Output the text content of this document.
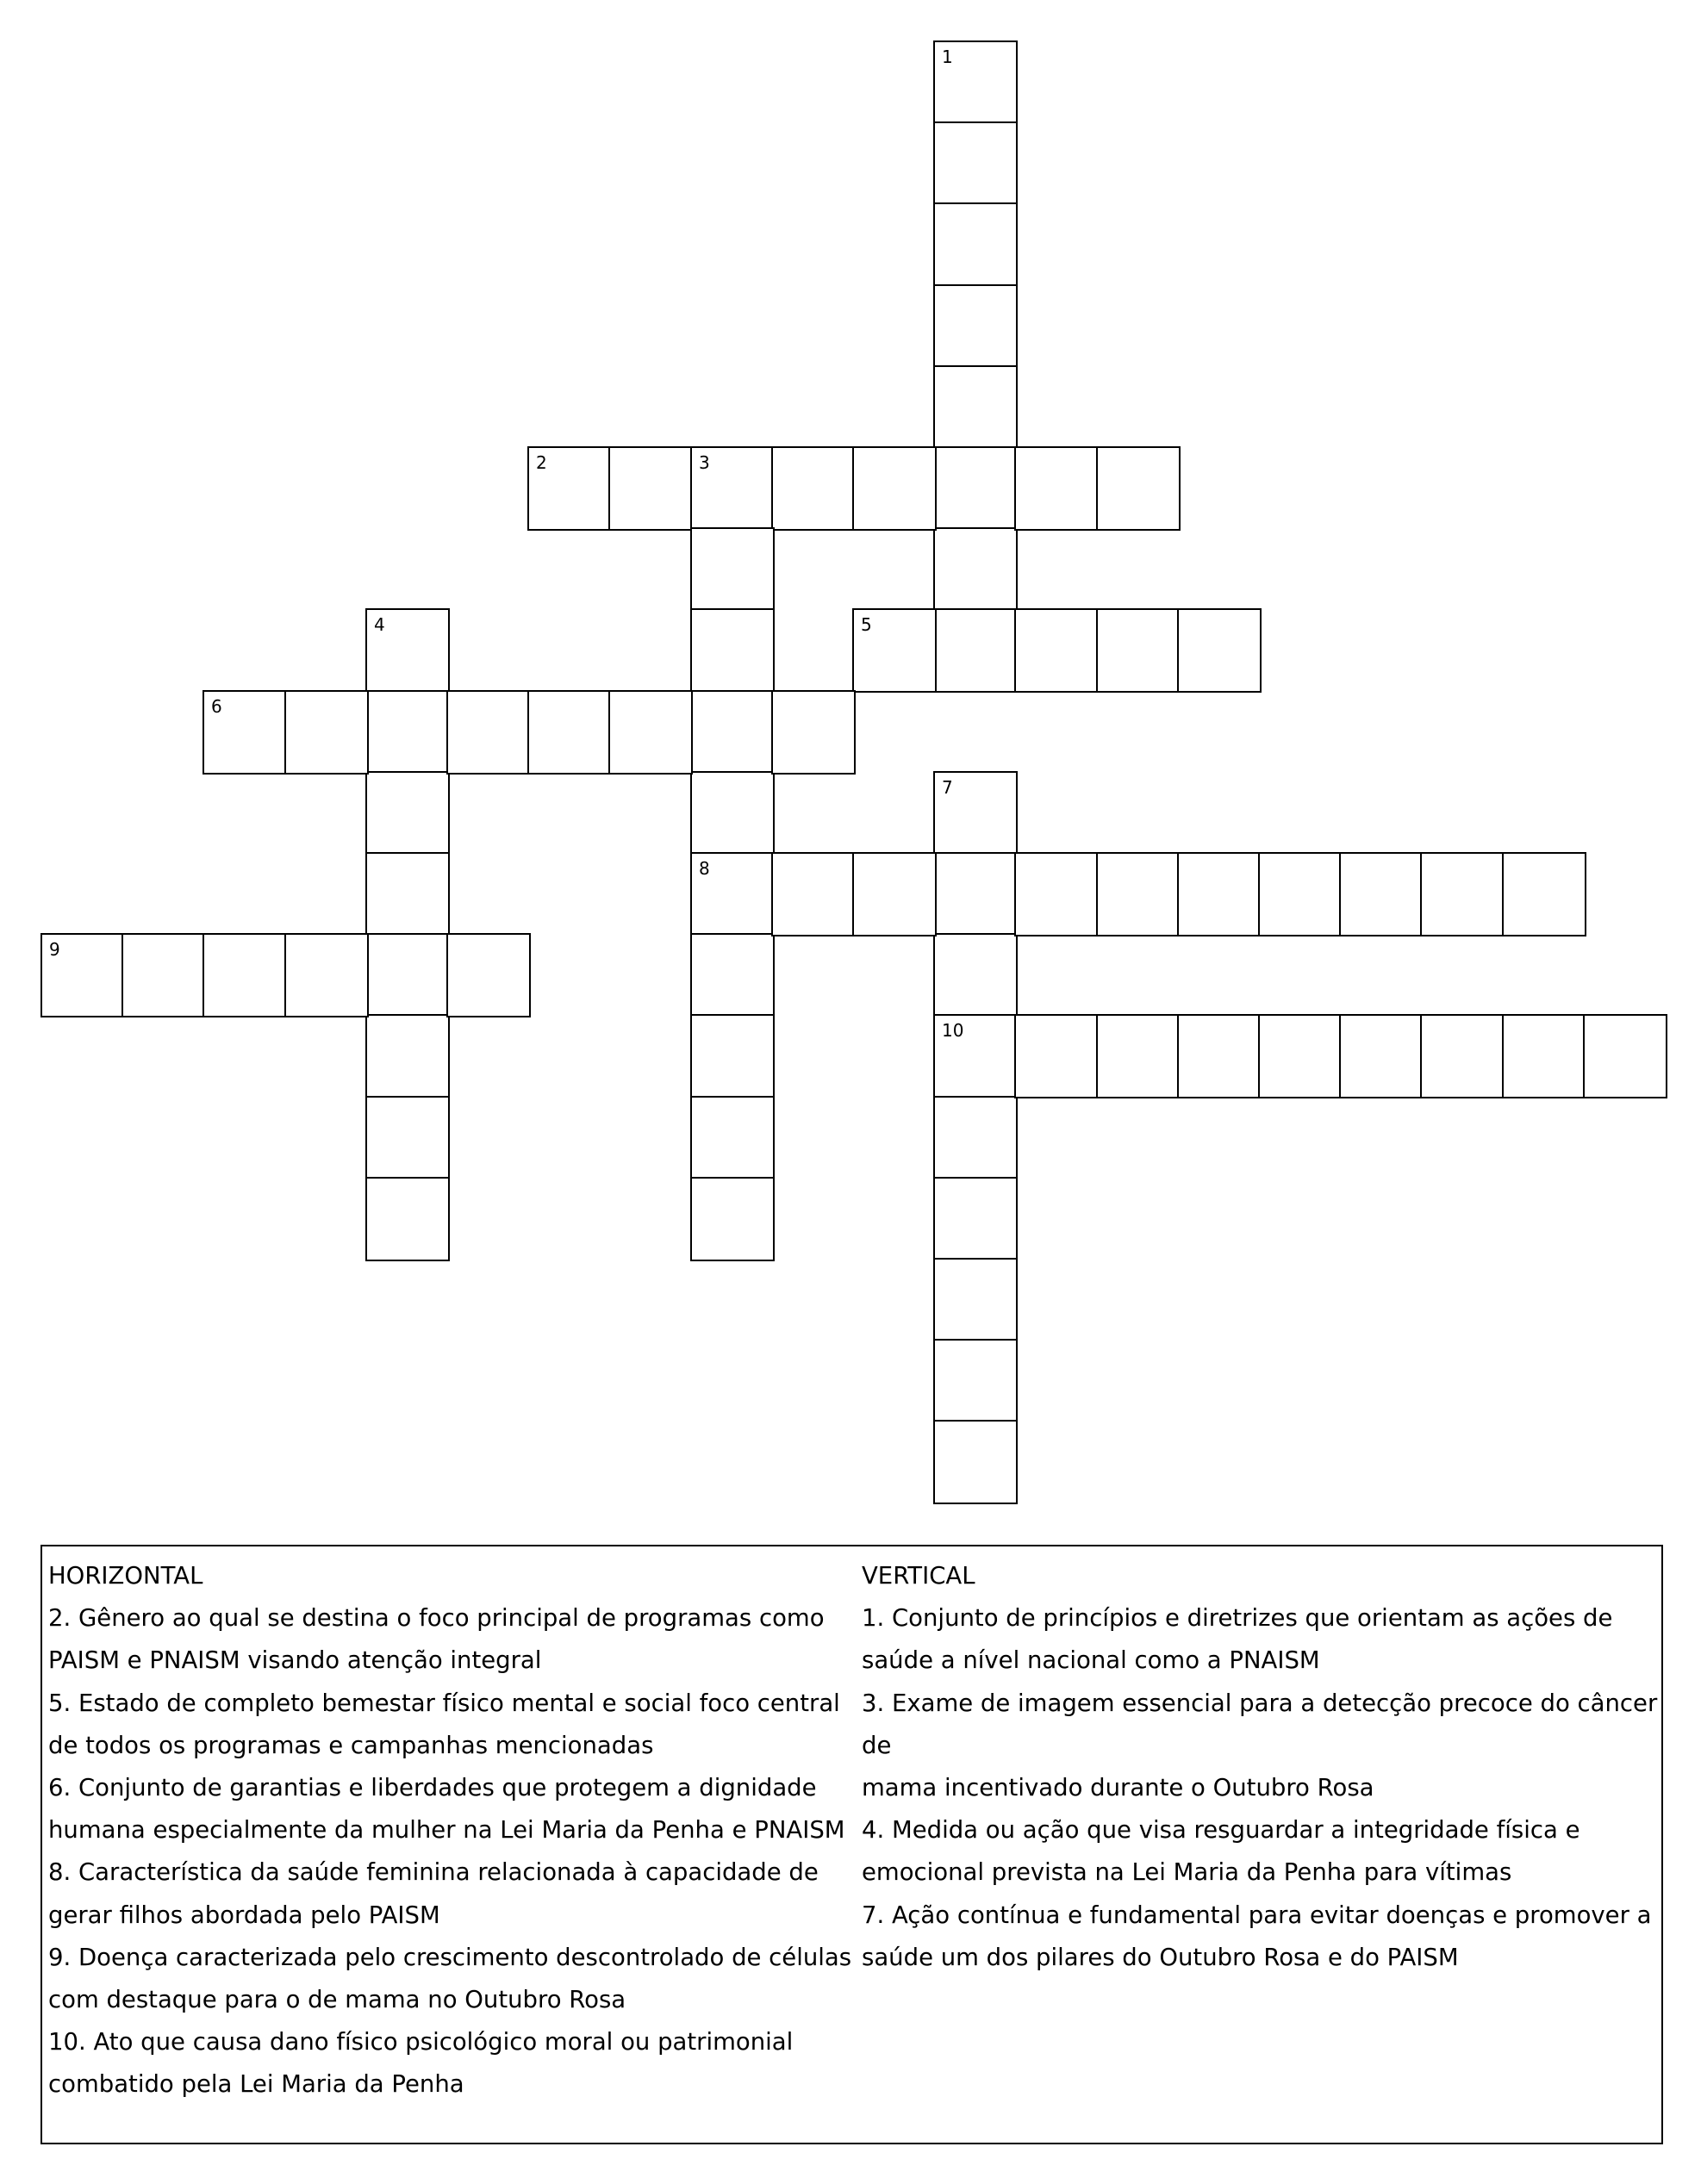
1
2	3
8
4	5
6
7
10
9
HORIZONTAL
2. Gênero ao qual se destina o foco principal de programas como
PAISM e PNAISM visando atenção integral
5. Estado de completo bemestar físico mental e social foco central
de todos os programas e campanhas mencionadas
6. Conjunto de garantias e liberdades que protegem a dignidade
humana especialmente da mulher na Lei Maria da Penha e PNAISM
8. Característica da saúde feminina relacionada à capacidade de
gerar filhos abordada pelo PAISM
9. Doença caracterizada pelo crescimento descontrolado de células
com destaque para o de mama no Outubro Rosa
10. Ato que causa dano físico psicológico moral ou patrimonial
combatido pela Lei Maria da Penha
VERTICAL
1. Conjunto de princípios e diretrizes que orientam as ações de
saúde a nível nacional como a PNAISM
3. Exame de imagem essencial para a detecção precoce do câncer de
mama incentivado durante o Outubro Rosa
4. Medida ou ação que visa resguardar a integridade física e
emocional prevista na Lei Maria da Penha para vítimas
7. Ação contínua e fundamental para evitar doenças e promover a
saúde um dos pilares do Outubro Rosa e do PAISM
